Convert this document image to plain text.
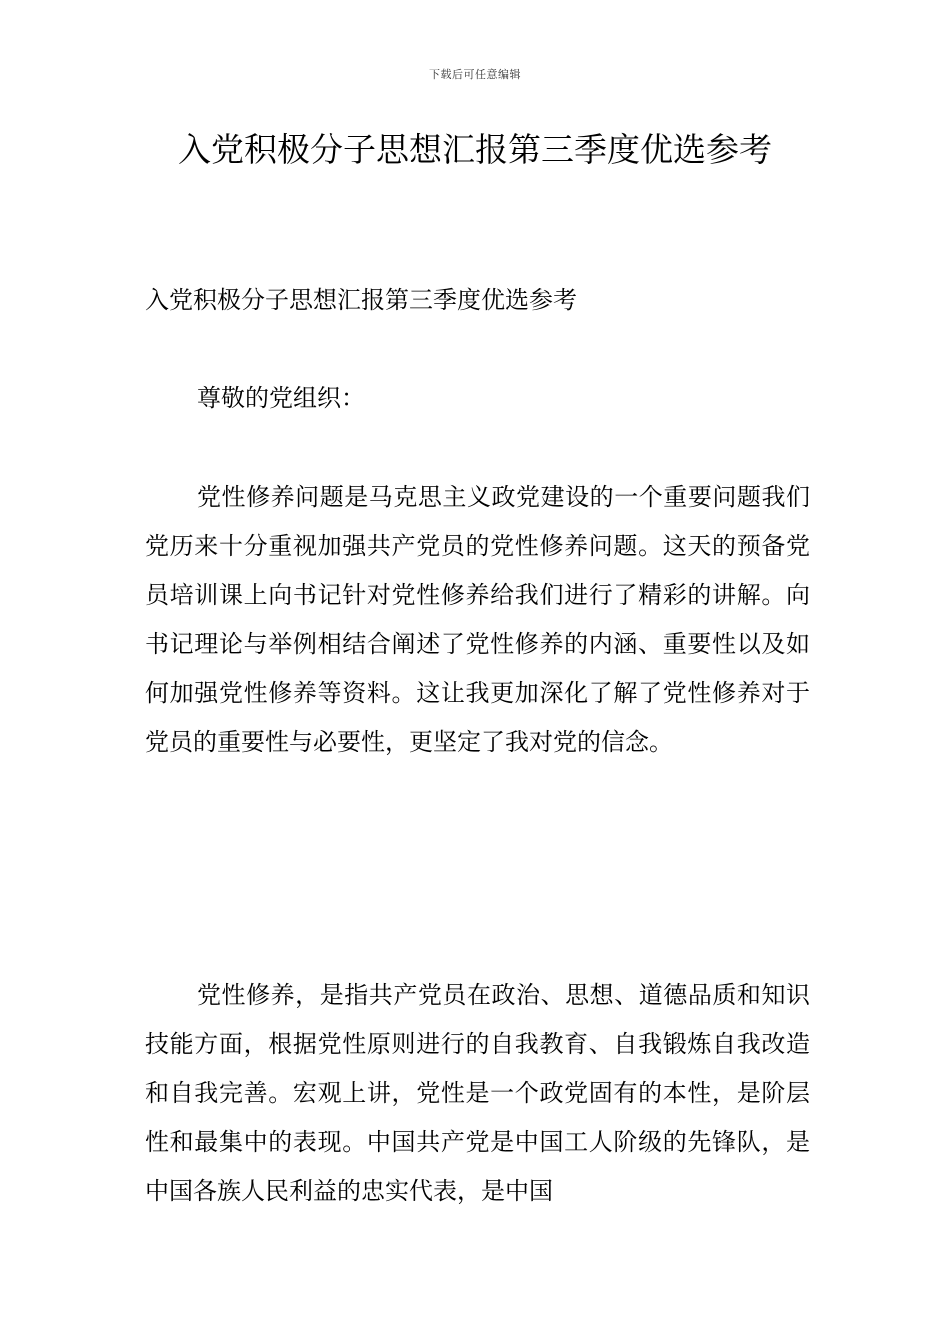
下载后可任意编辑
入党积极分子思想汇报第三季度优选参考

入党积极分子思想汇报第三季度优选参考

尊敬的党组织：

党性修养问题是马克思主义政党建设的一个重要问题我们党历来十分重视加强共产党员的党性修养问题。这天的预备党员培训课上向书记针对党性修养给我们进行了精彩的讲解。向书记理论与举例相结合阐述了党性修养的内涵、重要性以及如何加强党性修养等资料。这让我更加深化了解了党性修养对于党员的重要性与必要性，更坚定了我对党的信念。

党性修养，是指共产党员在政治、思想、道德品质和知识技能方面，根据党性原则进行的自我教育、自我锻炼自我改造和自我完善。宏观上讲，党性是一个政党固有的本性，是阶层性和最集中的表现。中国共产党是中国工人阶级的先锋队，是中国各族人民利益的忠实代表，是中国
